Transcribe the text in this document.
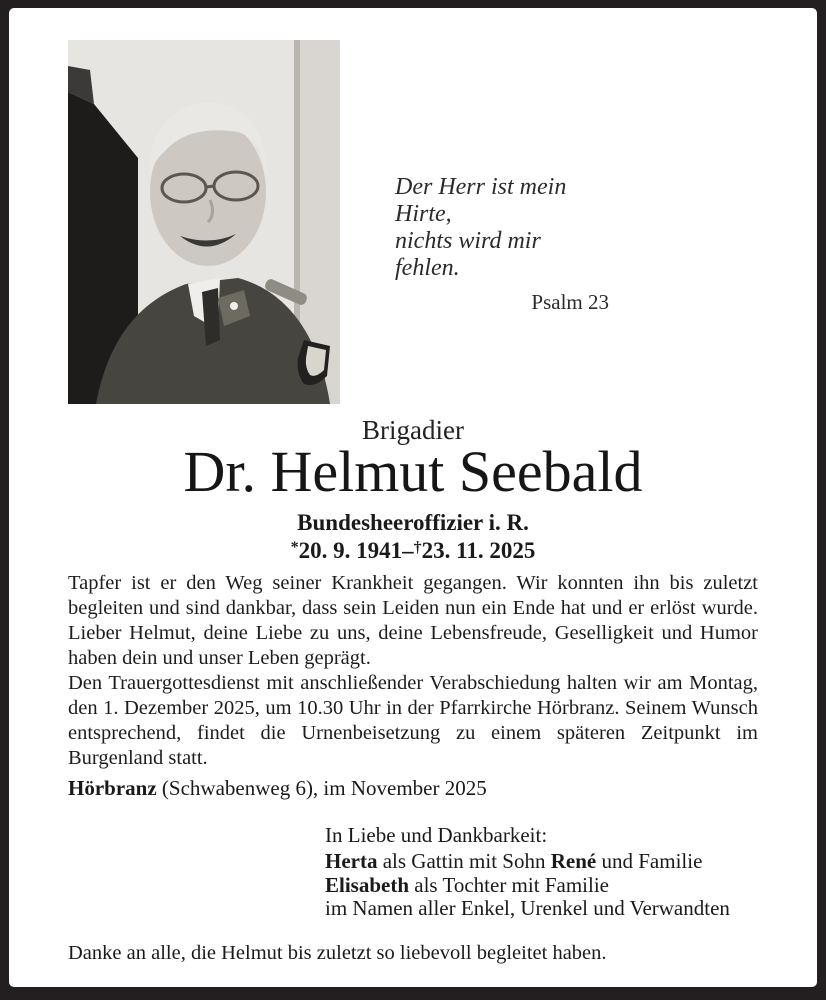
Der Herr ist mein Hirte,
nichts wird mir fehlen.
Psalm 23
Brigadier
Dr. Helmut Seebald
Bundesheeroffizier i. R.
*20. 9. 1941–†23. 11. 2025

Tapfer ist er den Weg seiner Krankheit gegangen. Wir konnten ihn bis zuletzt begleiten und sind dankbar, dass sein Leiden nun ein Ende hat und er erlöst wurde. Lieber Helmut, deine Liebe zu uns, deine Lebensfreude, Geselligkeit und Humor haben dein und unser Leben geprägt.

Den Trauergottesdienst mit anschließender Verabschiedung halten wir am Montag, den 1. Dezember 2025, um 10.30 Uhr in der Pfarrkirche Hörbranz. Seinem Wunsch entsprechend, findet die Urnenbeisetzung zu einem späteren Zeitpunkt im Burgenland statt.

Hörbranz (Schwabenweg 6), im November 2025
In Liebe und Dankbarkeit:
Herta als Gattin mit Sohn René und Familie
Elisabeth als Tochter mit Familie
im Namen aller Enkel, Urenkel und Verwandten
Danke an alle, die Helmut bis zuletzt so liebevoll begleitet haben.
